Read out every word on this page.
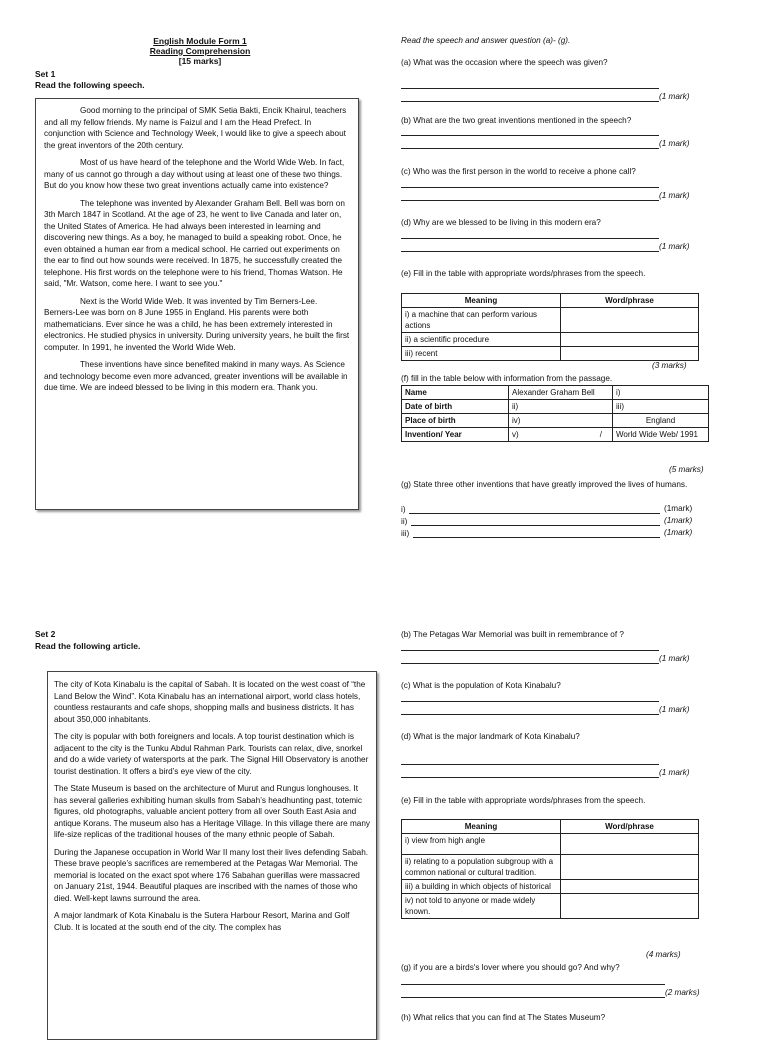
English Module Form 1
Reading Comprehension
[15 marks]
Set 1
Read the following speech.

Good morning to the principal of SMK Setia Bakti, Encik Khairul, teachers and all my fellow friends. My name is Faizul and I am the Head Prefect. In conjunction with Science and Technology Week, I would like to give a speech about the great inventors of the 20th century.

Most of us have heard of the telephone and the World Wide Web. In fact, many of us cannot go through a day without using at least one of these two things. But do you know how these two great inventions actually came into existence?

The telephone was invented by Alexander Graham Bell. Bell was born on 3th March 1847 in Scotland. At the age of 23, he went to live Canada and later on, the United States of America. He had always been interested in learning and discovering new things. As a boy, he managed to build a speaking robot. Once, he even obtained a human ear from a medical school. He carried out experiments on the ear to find out how sounds were received. In 1875, he successfully created the telephone. His first words on the telephone were to his friend, Thomas Watson. He said, "Mr. Watson, come here. I want to see you."

Next is the World Wide Web. It was invented by Tim Berners-Lee. Berners-Lee was born on 8 June 1955 in England. His parents were both mathematicians. Ever since he was a child, he has been extremely interested in electronics. He studied physics in university. During university years, he built the first computer. In 1991, he invented the World Wide Web.

These inventions have since benefited makind in many ways. As Science and technology become even more advanced, greater inventions will be available in due time. We are indeed blessed to be living in this modern era. Thank you.

Read the speech and answer question (a)- (g).
(a) What was the occasion where the speech was given?
(1 mark)
(b) What are the two great inventions mentioned in the speech?
(1 mark)
(c) Who was the first person in the world to receive a phone call?
(1 mark)
(d) Why are we blessed to be living in this modern era?
(1 mark)
(e) Fill in the table with appropriate words/phrases from the speech.
Meaning	Word/phrase
i) a machine that can perform various actions	
ii) a scientific procedure	
iii) recent	
(3 marks)
(f) fill in the table below with information from the passage.
Name	Alexander Graham Bell	i)
Date of birth	ii)	iii)
Place of birth	iv)	England
Invention/ Year	v) /	World Wide Web/ 1991
(5 marks)
(g) State three other inventions that have greatly improved the lives of humans.
i)	(1mark)
ii)	(1mark)
iii)	(1mark)
Set 2
Read the following article.

The city of Kota Kinabalu is the capital of Sabah. It is located on the west coast of “the Land Below the Wind”. Kota Kinabalu has an international airport, world class hotels, countless restaurants and cafe shops, shopping malls and business districts. It has about 350,000 inhabitants.

The city is popular with both foreigners and locals. A top tourist destination which is adjacent to the city is the Tunku Abdul Rahman Park. Tourists can relax, dive, snorkel and do a wide variety of watersports at the park. The Signal Hill Observatory is another tourist destination. It offers a bird’s eye view of the city.

The State Museum is based on the architecture of Murut and Rungus longhouses. It has several galleries exhibiting human skulls from Sabah’s headhunting past, totemic figures, old photographs, valuable ancient pottery from all over South East Asia and antique Korans. The museum also has a Heritage Village. In this village there are many life-size replicas of the traditional houses of the many ethnic people of Sabah.

During the Japanese occupation in World War II many lost their lives defending Sabah. These brave people’s sacrifices are remembered at the Petagas War Memorial. The memorial is located on the exact spot where 176 Sabahan guerillas were massacred on January 21st, 1944. Beautiful plaques are inscribed with the names of those who died. Well-kept lawns surround the area.

A major landmark of Kota Kinabalu is the Sutera Harbour Resort, Marina and Golf Club. It is located at the south end of the city. The complex has

(b) The Petagas War Memorial was built in remembrance of ?
(1 mark)
(c) What is the population of Kota Kinabalu?
(1 mark)
(d) What is the major landmark of Kota Kinabalu?
(1 mark)
(e) Fill in the table with appropriate words/phrases from the speech.
Meaning	Word/phrase
i) view from high angle	
ii) relating to a population subgroup with a common national or cultural tradition.	
iii) a building in which objects of historical	
iv) not told to anyone or made widely known.	
(4 marks)
(g) if you are a birds's lover where you should go? And why?
(2 marks)
(h) What relics that you can find at The States Museum?
